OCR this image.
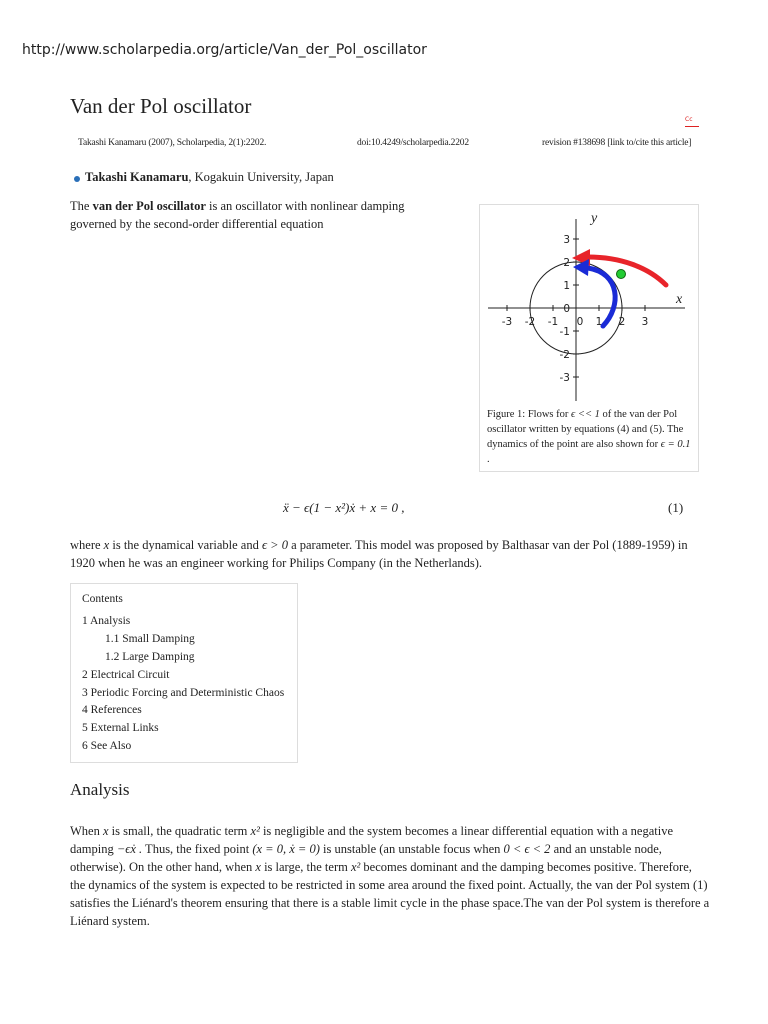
http://www.scholarpedia.org/article/Van_der_Pol_oscillator
Van der Pol oscillator
Cc
Takashi Kanamaru (2007), Scholarpedia, 2(1):2202.	doi:10.4249/scholarpedia.2202	revision #138698 [link to/cite this article]
Takashi Kanamaru, Kogakuin University, Japan
The van der Pol oscillator is an oscillator with nonlinear damping governed by the second-order differential equation
-3 -2 -1 0 1 2 3
3
2
1
0
-1
-2
-3
x
y
Figure 1: Flows for ϵ << 1 of the van der Pol oscillator written by equations (4) and (5). The dynamics of the point are also shown for ϵ = 0.1 .
ẍ − ϵ(1 − x²)ẋ + x = 0 ,	(1)
where x is the dynamical variable and ϵ > 0 a parameter. This model was proposed by Balthasar van der Pol (1889-1959) in 1920 when he was an engineer working for Philips Company (in the Netherlands).
Contents
1 Analysis
1.1 Small Damping
1.2 Large Damping
2 Electrical Circuit
3 Periodic Forcing and Deterministic Chaos
4 References
5 External Links
6 See Also
Analysis
When x is small, the quadratic term x² is negligible and the system becomes a linear differential equation with a negative damping −ϵẋ . Thus, the fixed point (x = 0, ẋ = 0) is unstable (an unstable focus when 0 < ϵ < 2 and an unstable node, otherwise). On the other hand, when x is large, the term x² becomes dominant and the damping becomes positive. Therefore, the dynamics of the system is expected to be restricted in some area around the fixed point. Actually, the van der Pol system (1) satisfies the Liénard's theorem ensuring that there is a stable limit cycle in the phase space.The van der Pol system is therefore a Liénard system.
